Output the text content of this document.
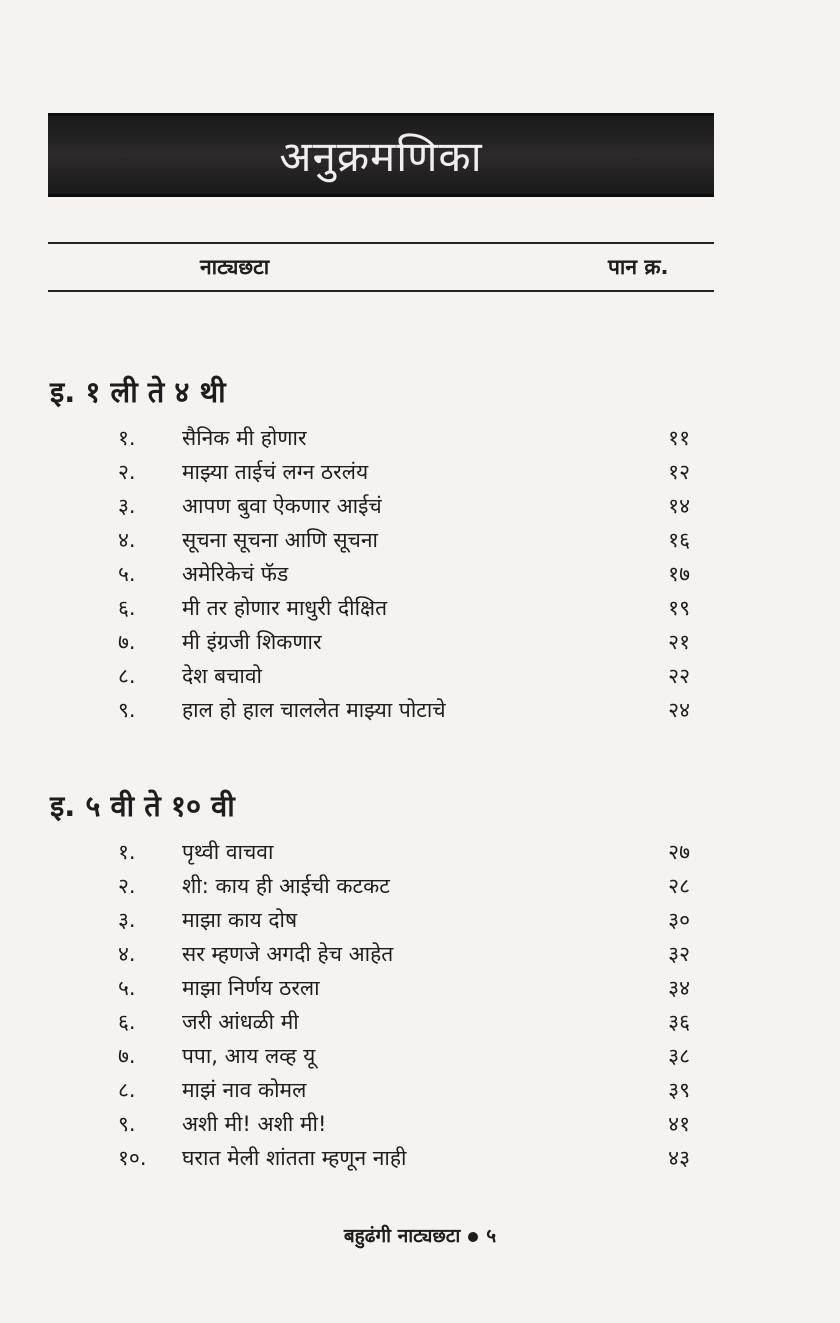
अनुक्रमणिका
नाट्यछटा	पान क्र.
इ. १ ली ते ४ थी
१. सैनिक मी होणार	११
२. माझ्या ताईचं लग्न ठरलंय	१२
३. आपण बुवा ऐकणार आईचं	१४
४. सूचना सूचना आणि सूचना	१६
५. अमेरिकेचं फॅड	१७
६. मी तर होणार माधुरी दीक्षित	१९
७. मी इंग्रजी शिकणार	२१
८. देश बचावो	२२
९. हाल हो हाल चाललेत माझ्या पोटाचे	२४
इ. ५ वी ते १० वी
१. पृथ्वी वाचवा	२७
२. शी: काय ही आईची कटकट	२८
३. माझा काय दोष	३०
४. सर म्हणजे अगदी हेच आहेत	३२
५. माझा निर्णय ठरला	३४
६. जरी आंधळी मी	३६
७. पपा, आय लव्ह यू	३८
८. माझं नाव कोमल	३९
९. अशी मी! अशी मी!	४१
१०. घरात मेली शांतता म्हणून नाही	४३
बहुढंगी नाट्यछटा ५
